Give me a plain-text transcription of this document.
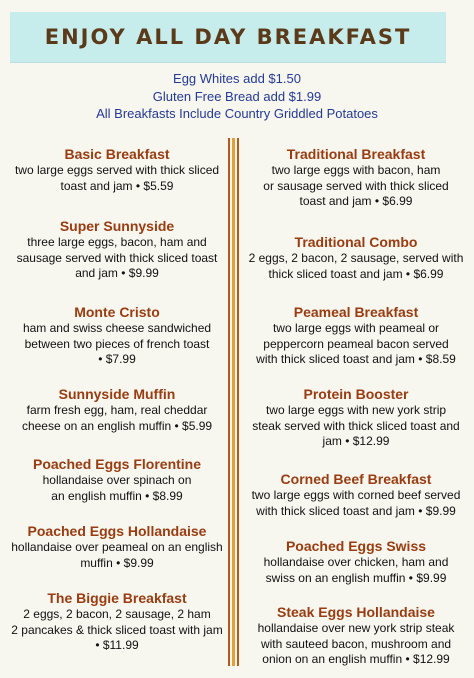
ENJOY ALL DAY BREAKFAST
Egg Whites add $1.50
Gluten Free Bread add $1.99
All Breakfasts Include Country Griddled Potatoes
Basic Breakfast
two large eggs served with thick sliced
toast and jam • $5.59
Super Sunnyside
three large eggs, bacon, ham and
sausage served with thick sliced toast
and jam • $9.99
Monte Cristo
ham and swiss cheese sandwiched
between two pieces of french toast
• $7.99
Sunnyside Muffin
farm fresh egg, ham, real cheddar
cheese on an english muffin • $5.99
Poached Eggs Florentine
hollandaise over spinach on
an english muffin • $8.99
Poached Eggs Hollandaise
hollandaise over peameal on an english
muffin • $9.99
The Biggie Breakfast
2 eggs, 2 bacon, 2 sausage, 2 ham
2 pancakes & thick sliced toast with jam
• $11.99
Traditional Breakfast
two large eggs with bacon, ham
or sausage served with thick sliced
toast and jam • $6.99
Traditional Combo
2 eggs, 2 bacon, 2 sausage, served with
thick sliced toast and jam • $6.99
Peameal Breakfast
two large eggs with peameal or
peppercorn peameal bacon served
with thick sliced toast and jam • $8.59
Protein Booster
two large eggs with new york strip
steak served with thick sliced toast and
jam • $12.99
Corned Beef Breakfast
two large eggs with corned beef served
with thick sliced toast and jam • $9.99
Poached Eggs Swiss
hollandaise over chicken, ham and
swiss on an english muffin • $9.99
Steak Eggs Hollandaise
hollandaise over new york strip steak
with sauteed bacon, mushroom and
onion on an english muffin • $12.99
